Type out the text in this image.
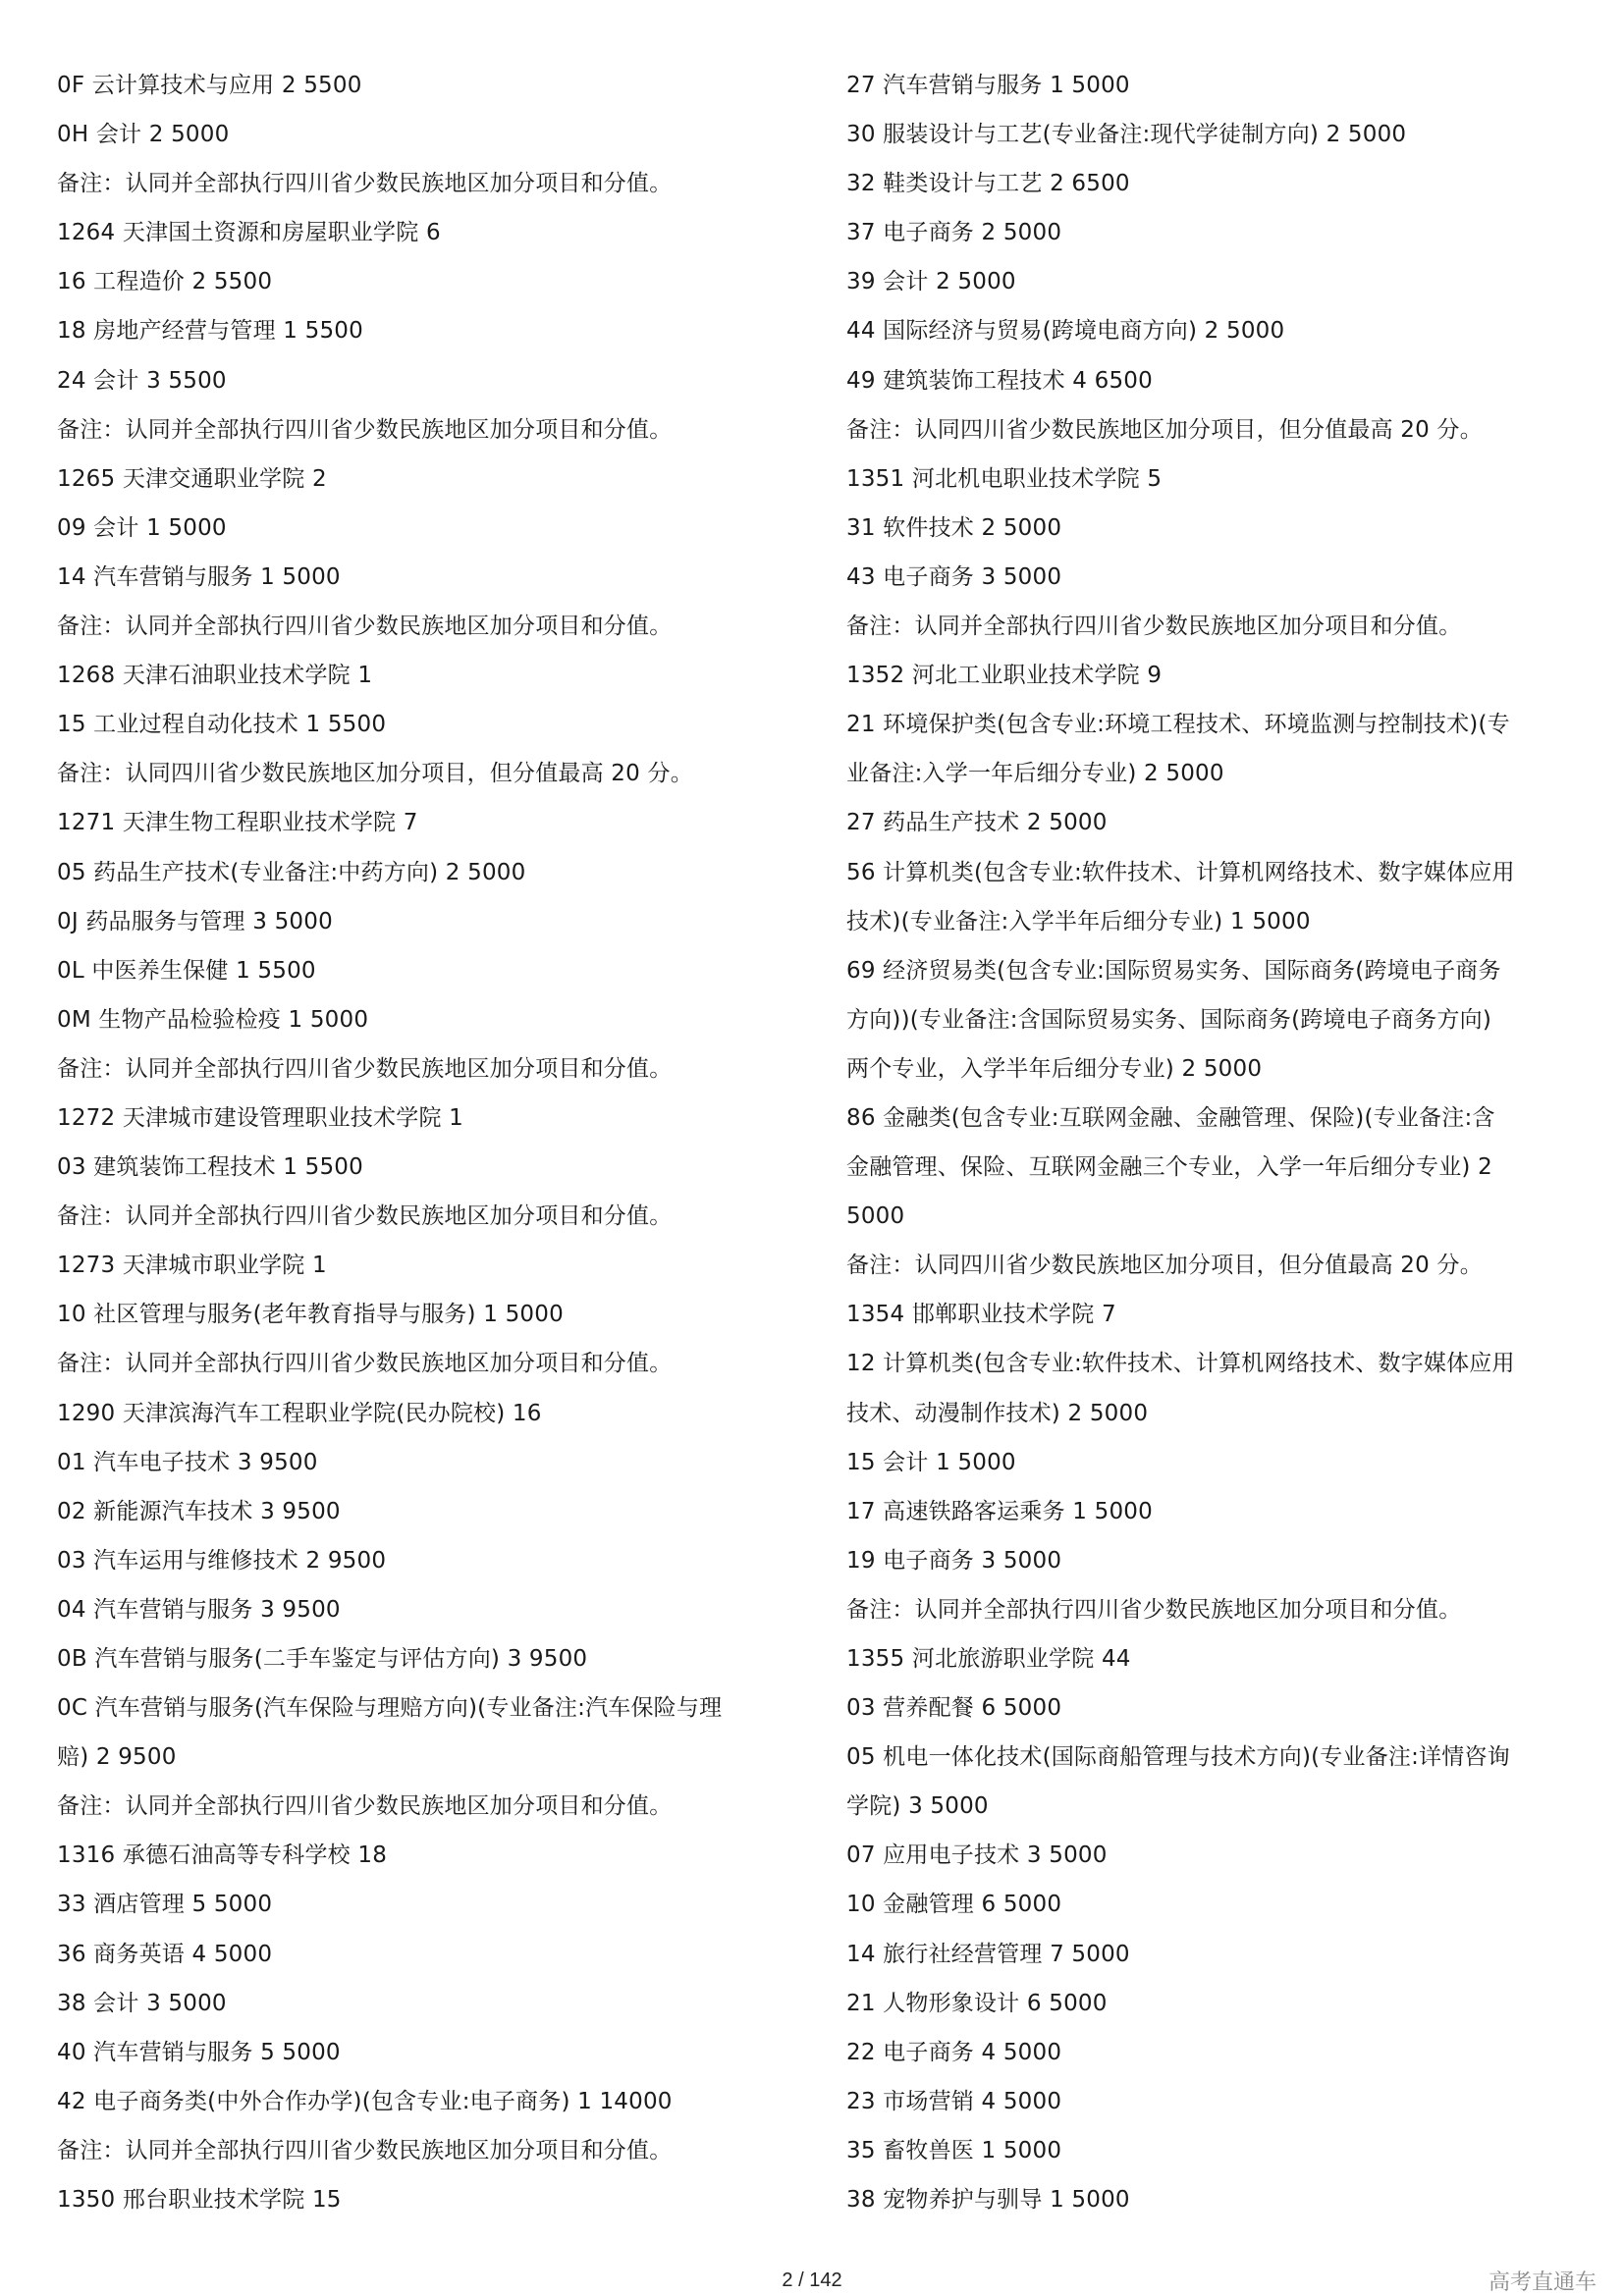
0F 云计算技术与应用 2 5500
0H 会计 2 5000
备注：认同并全部执行四川省少数民族地区加分项目和分值。
1264 天津国土资源和房屋职业学院 6
16 工程造价 2 5500
18 房地产经营与管理 1 5500
24 会计 3 5500
备注：认同并全部执行四川省少数民族地区加分项目和分值。
1265 天津交通职业学院 2
09 会计 1 5000
14 汽车营销与服务 1 5000
备注：认同并全部执行四川省少数民族地区加分项目和分值。
1268 天津石油职业技术学院 1
15 工业过程自动化技术 1 5500
备注：认同四川省少数民族地区加分项目，但分值最高 20 分。
1271 天津生物工程职业技术学院 7
05 药品生产技术(专业备注:中药方向) 2 5000
0J 药品服务与管理 3 5000
0L 中医养生保健 1 5500
0M 生物产品检验检疫 1 5000
备注：认同并全部执行四川省少数民族地区加分项目和分值。
1272 天津城市建设管理职业技术学院 1
03 建筑装饰工程技术 1 5500
备注：认同并全部执行四川省少数民族地区加分项目和分值。
1273 天津城市职业学院 1
10 社区管理与服务(老年教育指导与服务) 1 5000
备注：认同并全部执行四川省少数民族地区加分项目和分值。
1290 天津滨海汽车工程职业学院(民办院校) 16
01 汽车电子技术 3 9500
02 新能源汽车技术 3 9500
03 汽车运用与维修技术 2 9500
04 汽车营销与服务 3 9500
0B 汽车营销与服务(二手车鉴定与评估方向) 3 9500
0C 汽车营销与服务(汽车保险与理赔方向)(专业备注:汽车保险与理
赔) 2 9500
备注：认同并全部执行四川省少数民族地区加分项目和分值。
1316 承德石油高等专科学校 18
33 酒店管理 5 5000
36 商务英语 4 5000
38 会计 3 5000
40 汽车营销与服务 5 5000
42 电子商务类(中外合作办学)(包含专业:电子商务) 1 14000
备注：认同并全部执行四川省少数民族地区加分项目和分值。
1350 邢台职业技术学院 15
27 汽车营销与服务 1 5000
30 服装设计与工艺(专业备注:现代学徒制方向) 2 5000
32 鞋类设计与工艺 2 6500
37 电子商务 2 5000
39 会计 2 5000
44 国际经济与贸易(跨境电商方向) 2 5000
49 建筑装饰工程技术 4 6500
备注：认同四川省少数民族地区加分项目，但分值最高 20 分。
1351 河北机电职业技术学院 5
31 软件技术 2 5000
43 电子商务 3 5000
备注：认同并全部执行四川省少数民族地区加分项目和分值。
1352 河北工业职业技术学院 9
21 环境保护类(包含专业:环境工程技术、环境监测与控制技术)(专
业备注:入学一年后细分专业) 2 5000
27 药品生产技术 2 5000
56 计算机类(包含专业:软件技术、计算机网络技术、数字媒体应用
技术)(专业备注:入学半年后细分专业) 1 5000
69 经济贸易类(包含专业:国际贸易实务、国际商务(跨境电子商务
方向))(专业备注:含国际贸易实务、国际商务(跨境电子商务方向)
两个专业，入学半年后细分专业) 2 5000
86 金融类(包含专业:互联网金融、金融管理、保险)(专业备注:含
金融管理、保险、互联网金融三个专业，入学一年后细分专业) 2
5000
备注：认同四川省少数民族地区加分项目，但分值最高 20 分。
1354 邯郸职业技术学院 7
12 计算机类(包含专业:软件技术、计算机网络技术、数字媒体应用
技术、动漫制作技术) 2 5000
15 会计 1 5000
17 高速铁路客运乘务 1 5000
19 电子商务 3 5000
备注：认同并全部执行四川省少数民族地区加分项目和分值。
1355 河北旅游职业学院 44
03 营养配餐 6 5000
05 机电一体化技术(国际商船管理与技术方向)(专业备注:详情咨询
学院) 3 5000
07 应用电子技术 3 5000
10 金融管理 6 5000
14 旅行社经营管理 7 5000
21 人物形象设计 6 5000
22 电子商务 4 5000
23 市场营销 4 5000
35 畜牧兽医 1 5000
38 宠物养护与驯导 1 5000
2 / 142	高考直通车
